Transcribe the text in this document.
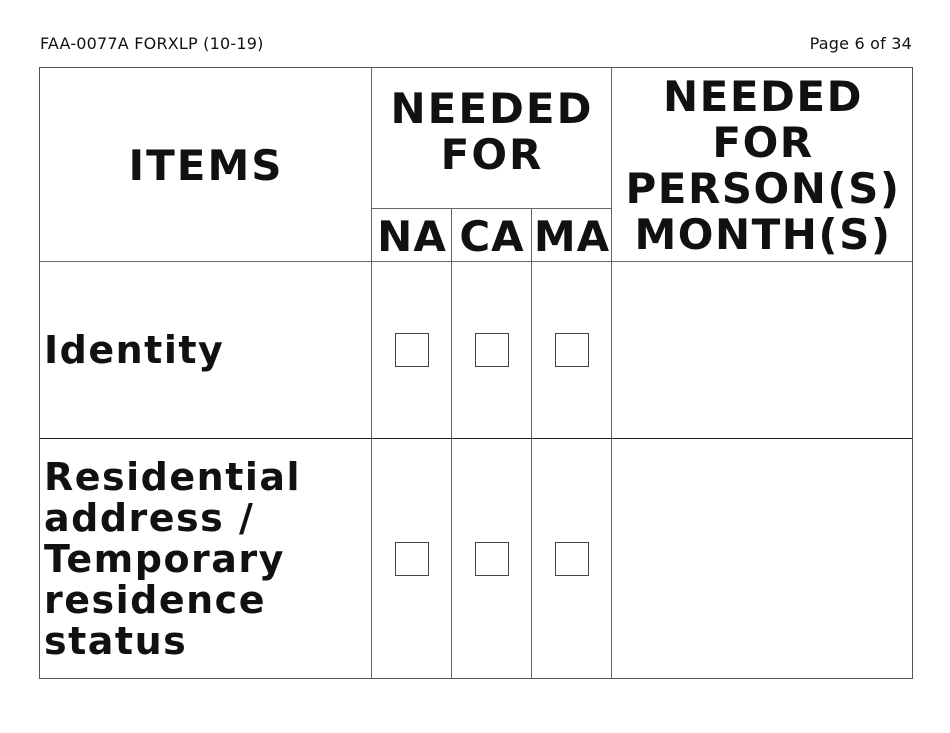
FAA-0077A FORXLP (10-19)	Page 6 of 34
ITEMS
NEEDED
FOR
NA CA MA
NEEDED
FOR
PERSON(S)
MONTH(S)
Identity
Residential
address /
Temporary
residence
status
